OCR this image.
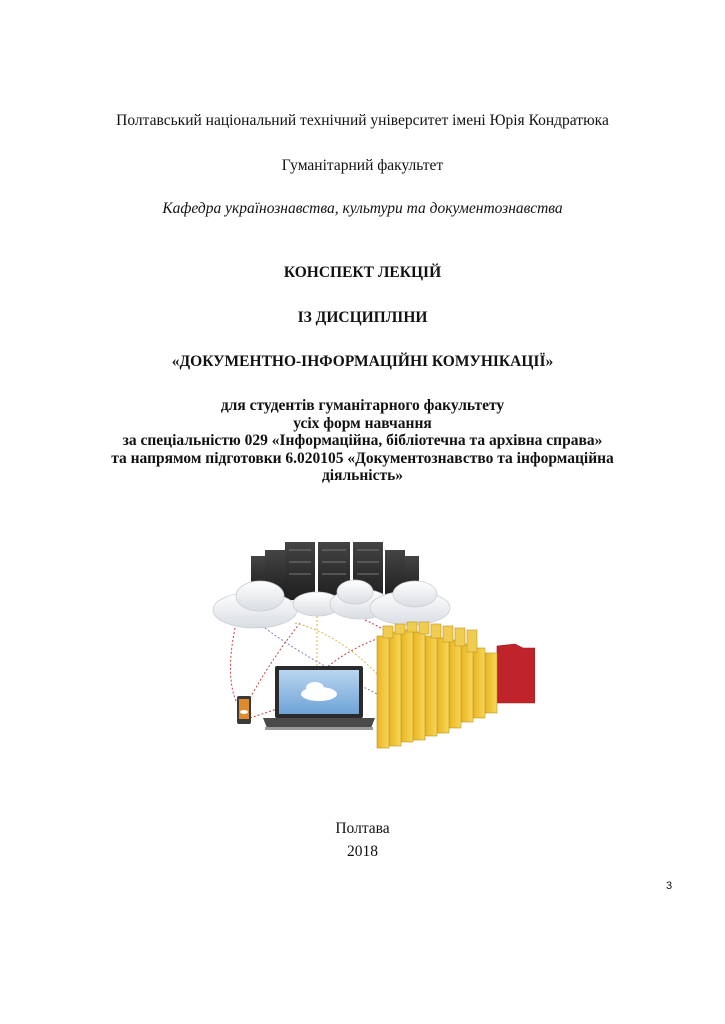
Полтавський національний технічний університет імені Юрія Кондратюка
Гуманітарний факультет
Кафедра українознавства, культури та документознавства
КОНСПЕКТ ЛЕКЦІЙ
ІЗ ДИСЦИПЛІНИ
«ДОКУМЕНТНО-ІНФОРМАЦІЙНІ КОМУНІКАЦІЇ»
для студентів гуманітарного факультету
усіх форм навчання
за спеціальністю 029 «Інформаційна, бібліотечна та архівна справа»
та напрямом підготовки 6.020105 «Документознавство та інформаційна
діяльність»
Полтава
2018
3
